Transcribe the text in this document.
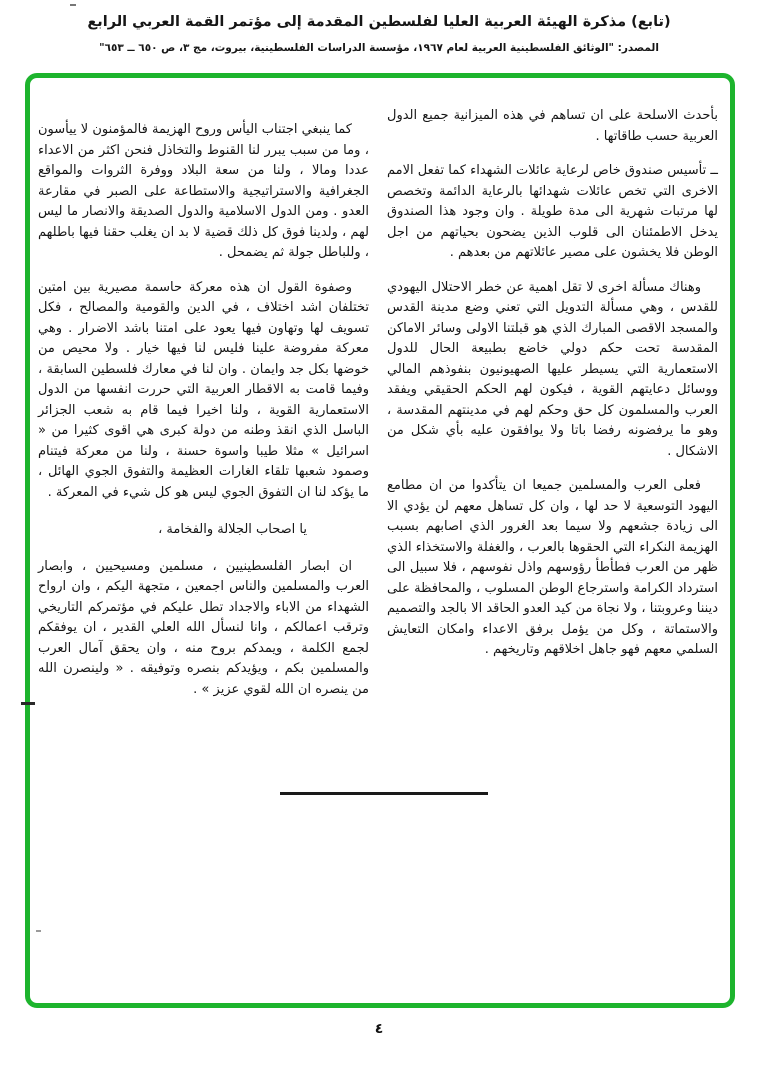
(تابع) مذكرة الهيئة العربية العليا لفلسطين المقدمة إلى مؤتمر القمة العربي الرابع
المصدر: "الوثائق الفلسطينية العربية لعام ١٩٦٧، مؤسسة الدراسات الفلسطينية، بيروت، مج ٣، ص ٦٥٠ ــ ٦٥٣"

بأحدث الاسلحة على ان تساهم في هذه الميزانية جميع الدول العربية حسب طاقاتها .

ــ تأسيس صندوق خاص لرعاية عائلات الشهداء كما تفعل الامم الاخرى التي تخص عائلات شهدائها بالرعاية الدائمة وتخصص لها مرتبات شهرية الى مدة طويلة . وان وجود هذا الصندوق يدخل الاطمئنان الى قلوب الذين يضحون بحياتهم من اجل الوطن فلا يخشون على مصير عائلاتهم من بعدهم .

وهناك مسألة اخرى لا تقل اهمية عن خطر الاحتلال اليهودي للقدس ، وهي مسألة التدويل التي تعني وضع مدينة القدس والمسجد الاقصى المبارك الذي هو قبلتنا الاولى وسائر الاماكن المقدسة تحت حكم دولي خاضع بطبيعة الحال للدول الاستعمارية التي يسيطر عليها الصهيونيون بنفوذهم المالي ووسائل دعايتهم القوية ، فيكون لهم الحكم الحقيقي ويفقد العرب والمسلمون كل حق وحكم لهم في مدينتهم المقدسة ، وهو ما يرفضونه رفضا باتا ولا يوافقون عليه بأي شكل من الاشكال .

فعلى العرب والمسلمين جميعا ان يتأكدوا من ان مطامع اليهود التوسعية لا حد لها ، وان كل تساهل معهم لن يؤدي الا الى زيادة جشعهم ولا سيما بعد الغرور الذي اصابهم بسبب الهزيمة النكراء التي الحقوها بالعرب ، والغفلة والاستخذاء الذي ظهر من العرب فطأطأ رؤوسهم واذل نفوسهم ، فلا سبيل الى استرداد الكرامة واسترجاع الوطن المسلوب ، والمحافظة على ديننا وعروبتنا ، ولا نجاة من كيد العدو الحاقد الا بالجد والتصميم والاستماتة ، وكل من يؤمل برفق الاعداء وامكان التعايش السلمي معهم فهو جاهل اخلاقهم وتاريخهم .

كما ينبغي اجتناب اليأس وروح الهزيمة فالمؤمنون لا ييأسون ، وما من سبب يبرر لنا القنوط والتخاذل فنحن اكثر من الاعداء عددا ومالا ، ولنا من سعة البلاد ووفرة الثروات والمواقع الجغرافية والاستراتيجية والاستطاعة على الصبر في مقارعة العدو . ومن الدول الاسلامية والدول الصديقة والانصار ما ليس لهم ، ولدينا فوق كل ذلك قضية لا بد ان يغلب حقنا فيها باطلهم ، وللباطل جولة ثم يضمحل .

وصفوة القول ان هذه معركة حاسمة مصيرية بين امتين تختلفان اشد اختلاف ، في الدين والقومية والمصالح ، فكل تسويف لها وتهاون فيها يعود على امتنا باشد الاضرار . وهي معركة مفروضة علينا فليس لنا فيها خيار . ولا محيص من خوضها بكل جد وايمان . وان لنا في معارك فلسطين السابقة ، وفيما قامت به الاقطار العربية التي حررت انفسها من الدول الاستعمارية القوية ، ولنا اخيرا فيما قام به شعب الجزائر الباسل الذي انقذ وطنه من دولة كبرى هي اقوى كثيرا من « اسرائيل » مثلا طيبا واسوة حسنة ، ولنا من معركة فيتنام وصمود شعبها تلقاء الغارات العظيمة والتفوق الجوي الهائل ، ما يؤكد لنا ان التفوق الجوي ليس هو كل شيء في المعركة .

يا اصحاب الجلالة والفخامة ،

ان ابصار الفلسطينيين ، مسلمين ومسيحيين ، وابصار العرب والمسلمين والناس اجمعين ، متجهة اليكم ، وان ارواح الشهداء من الاباء والاجداد تطل عليكم في مؤتمركم التاريخي وترقب اعمالكم ، وانا لنسأل الله العلي القدير ، ان يوفقكم لجمع الكلمة ، ويمدكم بروح منه ، وان يحقق آمال العرب والمسلمين بكم ، ويؤيدكم بنصره وتوفيقه . « ولينصرن الله من ينصره ان الله لقوي عزيز » .

٤
